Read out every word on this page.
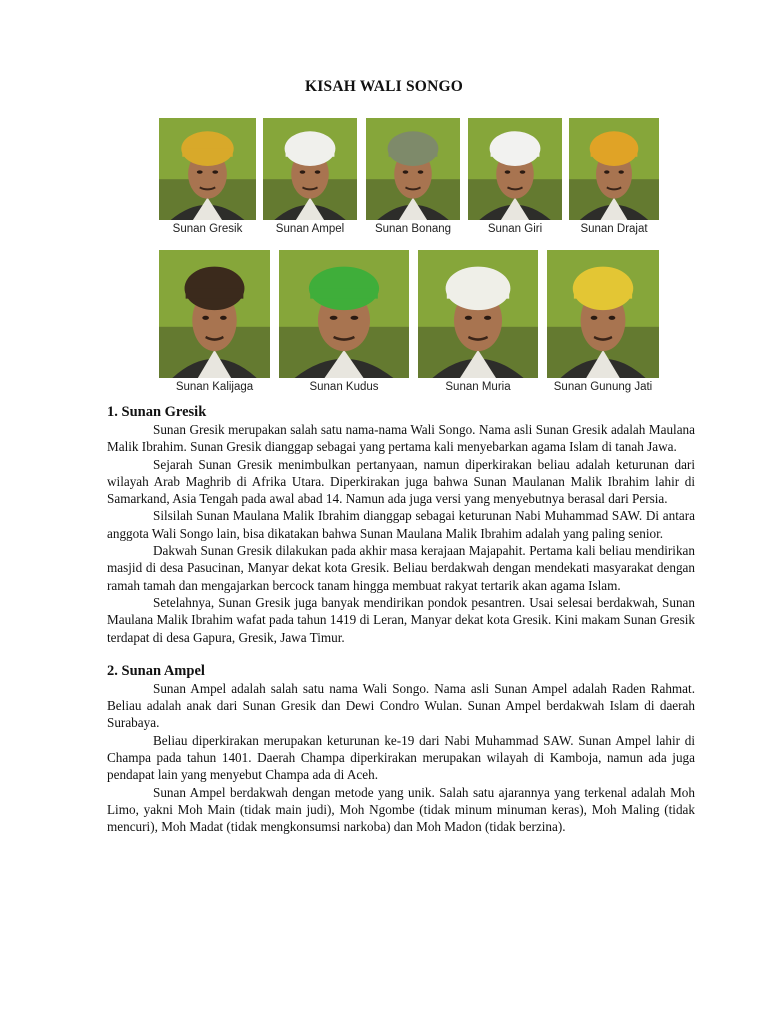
KISAH WALI SONGO
Sunan Gresik	Sunan Ampel	Sunan Bonang	Sunan Giri	Sunan Drajat
Sunan Kalijaga	Sunan Kudus	Sunan Muria	Sunan Gunung Jati
1. Sunan Gresik

Sunan Gresik merupakan salah satu nama-nama Wali Songo. Nama asli Sunan Gresik adalah Maulana Malik Ibrahim. Sunan Gresik dianggap sebagai yang pertama kali menyebarkan agama Islam di tanah Jawa.

Sejarah Sunan Gresik menimbulkan pertanyaan, namun diperkirakan beliau adalah keturunan dari wilayah Arab Maghrib di Afrika Utara. Diperkirakan juga bahwa Sunan Maulanan Malik Ibrahim lahir di Samarkand, Asia Tengah pada awal abad 14. Namun ada juga versi yang menyebutnya berasal dari Persia.

Silsilah Sunan Maulana Malik Ibrahim dianggap sebagai keturunan Nabi Muhammad SAW. Di antara anggota Wali Songo lain, bisa dikatakan bahwa Sunan Maulana Malik Ibrahim adalah yang paling senior.

Dakwah Sunan Gresik dilakukan pada akhir masa kerajaan Majapahit. Pertama kali beliau mendirikan masjid di desa Pasucinan, Manyar dekat kota Gresik. Beliau berdakwah dengan mendekati masyarakat dengan ramah tamah dan mengajarkan bercock tanam hingga membuat rakyat tertarik akan agama Islam.

Setelahnya, Sunan Gresik juga banyak mendirikan pondok pesantren. Usai selesai berdakwah, Sunan Maulana Malik Ibrahim wafat pada tahun 1419 di Leran, Manyar dekat kota Gresik. Kini makam Sunan Gresik terdapat di desa Gapura, Gresik, Jawa Timur.

2. Sunan Ampel

Sunan Ampel adalah salah satu nama Wali Songo. Nama asli Sunan Ampel adalah Raden Rahmat. Beliau adalah anak dari Sunan Gresik dan Dewi Condro Wulan. Sunan Ampel berdakwah Islam di daerah Surabaya.

Beliau diperkirakan merupakan keturunan ke-19 dari Nabi Muhammad SAW. Sunan Ampel lahir di Champa pada tahun 1401. Daerah Champa diperkirakan merupakan wilayah di Kamboja, namun ada juga pendapat lain yang menyebut Champa ada di Aceh.

Sunan Ampel berdakwah dengan metode yang unik. Salah satu ajarannya yang terkenal adalah Moh Limo, yakni Moh Main (tidak main judi), Moh Ngombe (tidak minum minuman keras), Moh Maling (tidak mencuri), Moh Madat (tidak mengkonsumsi narkoba) dan Moh Madon (tidak berzina).
